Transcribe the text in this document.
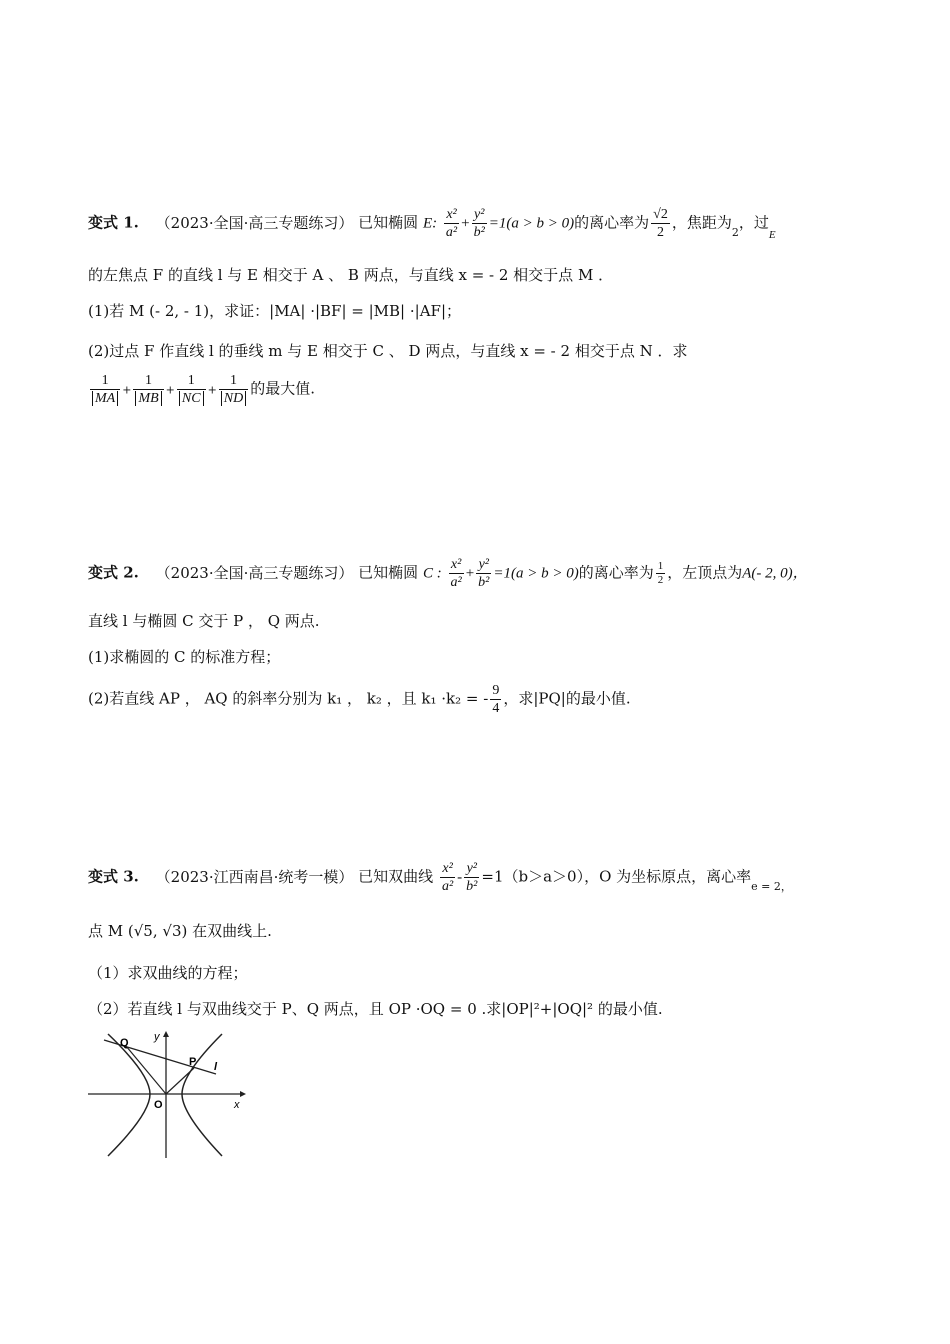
变式 1. （2023·全国·高三专题练习） 已知椭圆 E: $\frac{\text{x²}}{\text{a²}} + \frac{\text{y²}}{\text{b²}} =1(a > b > 0)$的离心率为 $\frac{√2}{2}$ ，焦距为$_2$，过$_E$
的左焦点 F 的直线 l 与 E 相交于 A 、 B 两点，与直线 x = - 2 相交于点 M ．
(1)若 M (- 2, - 1)，求证：|MA| ·|BF| = |MB| ·|AF|；
(2)过点 F 作直线 l 的垂线 m 与 E 相交于 C 、 D 两点，与直线 x = - 2 相交于点 N ．求
$\frac{1}{MA} + \frac{1}{MB} + \frac{1}{NC} + \frac{1}{ND}$ 的最大值.
变式 2. （2023·全国·高三专题练习） 已知椭圆 C : $\frac{\text{x²}}{\text{a²}} + \frac{\text{y²}}{\text{b²}} =1(a > b > 0)$的离心率为 $\frac{1}{2}$ ，左顶点为A(- 2, 0)，
直线 l 与椭圆 C 交于 P ， Q 两点.
(1)求椭圆的 C 的标准方程；
(2)若直线 AP ， AQ 的斜率分别为 k₁ ， k₂ ，且 k₁ ·k₂ = - $\frac{9}{4}$ ，求|PQ|的最小值.
变式 3. （2023·江西南昌·统考一模） 已知双曲线 $\frac{\text{x²}}{\text{a²}} - \frac{\text{y²}}{\text{b²}} =1(b>a>0)$，O 为坐标原点，离心率$_{e = 2,}$
点 M (√5, √3) 在双曲线上.
（1）求双曲线的方程；
（2）若直线 l 与双曲线交于 P、Q 两点，且 OP ·OQ = 0 .求|OP|²+|OQ|² 的最小值.
Q
P l
y
x
O
